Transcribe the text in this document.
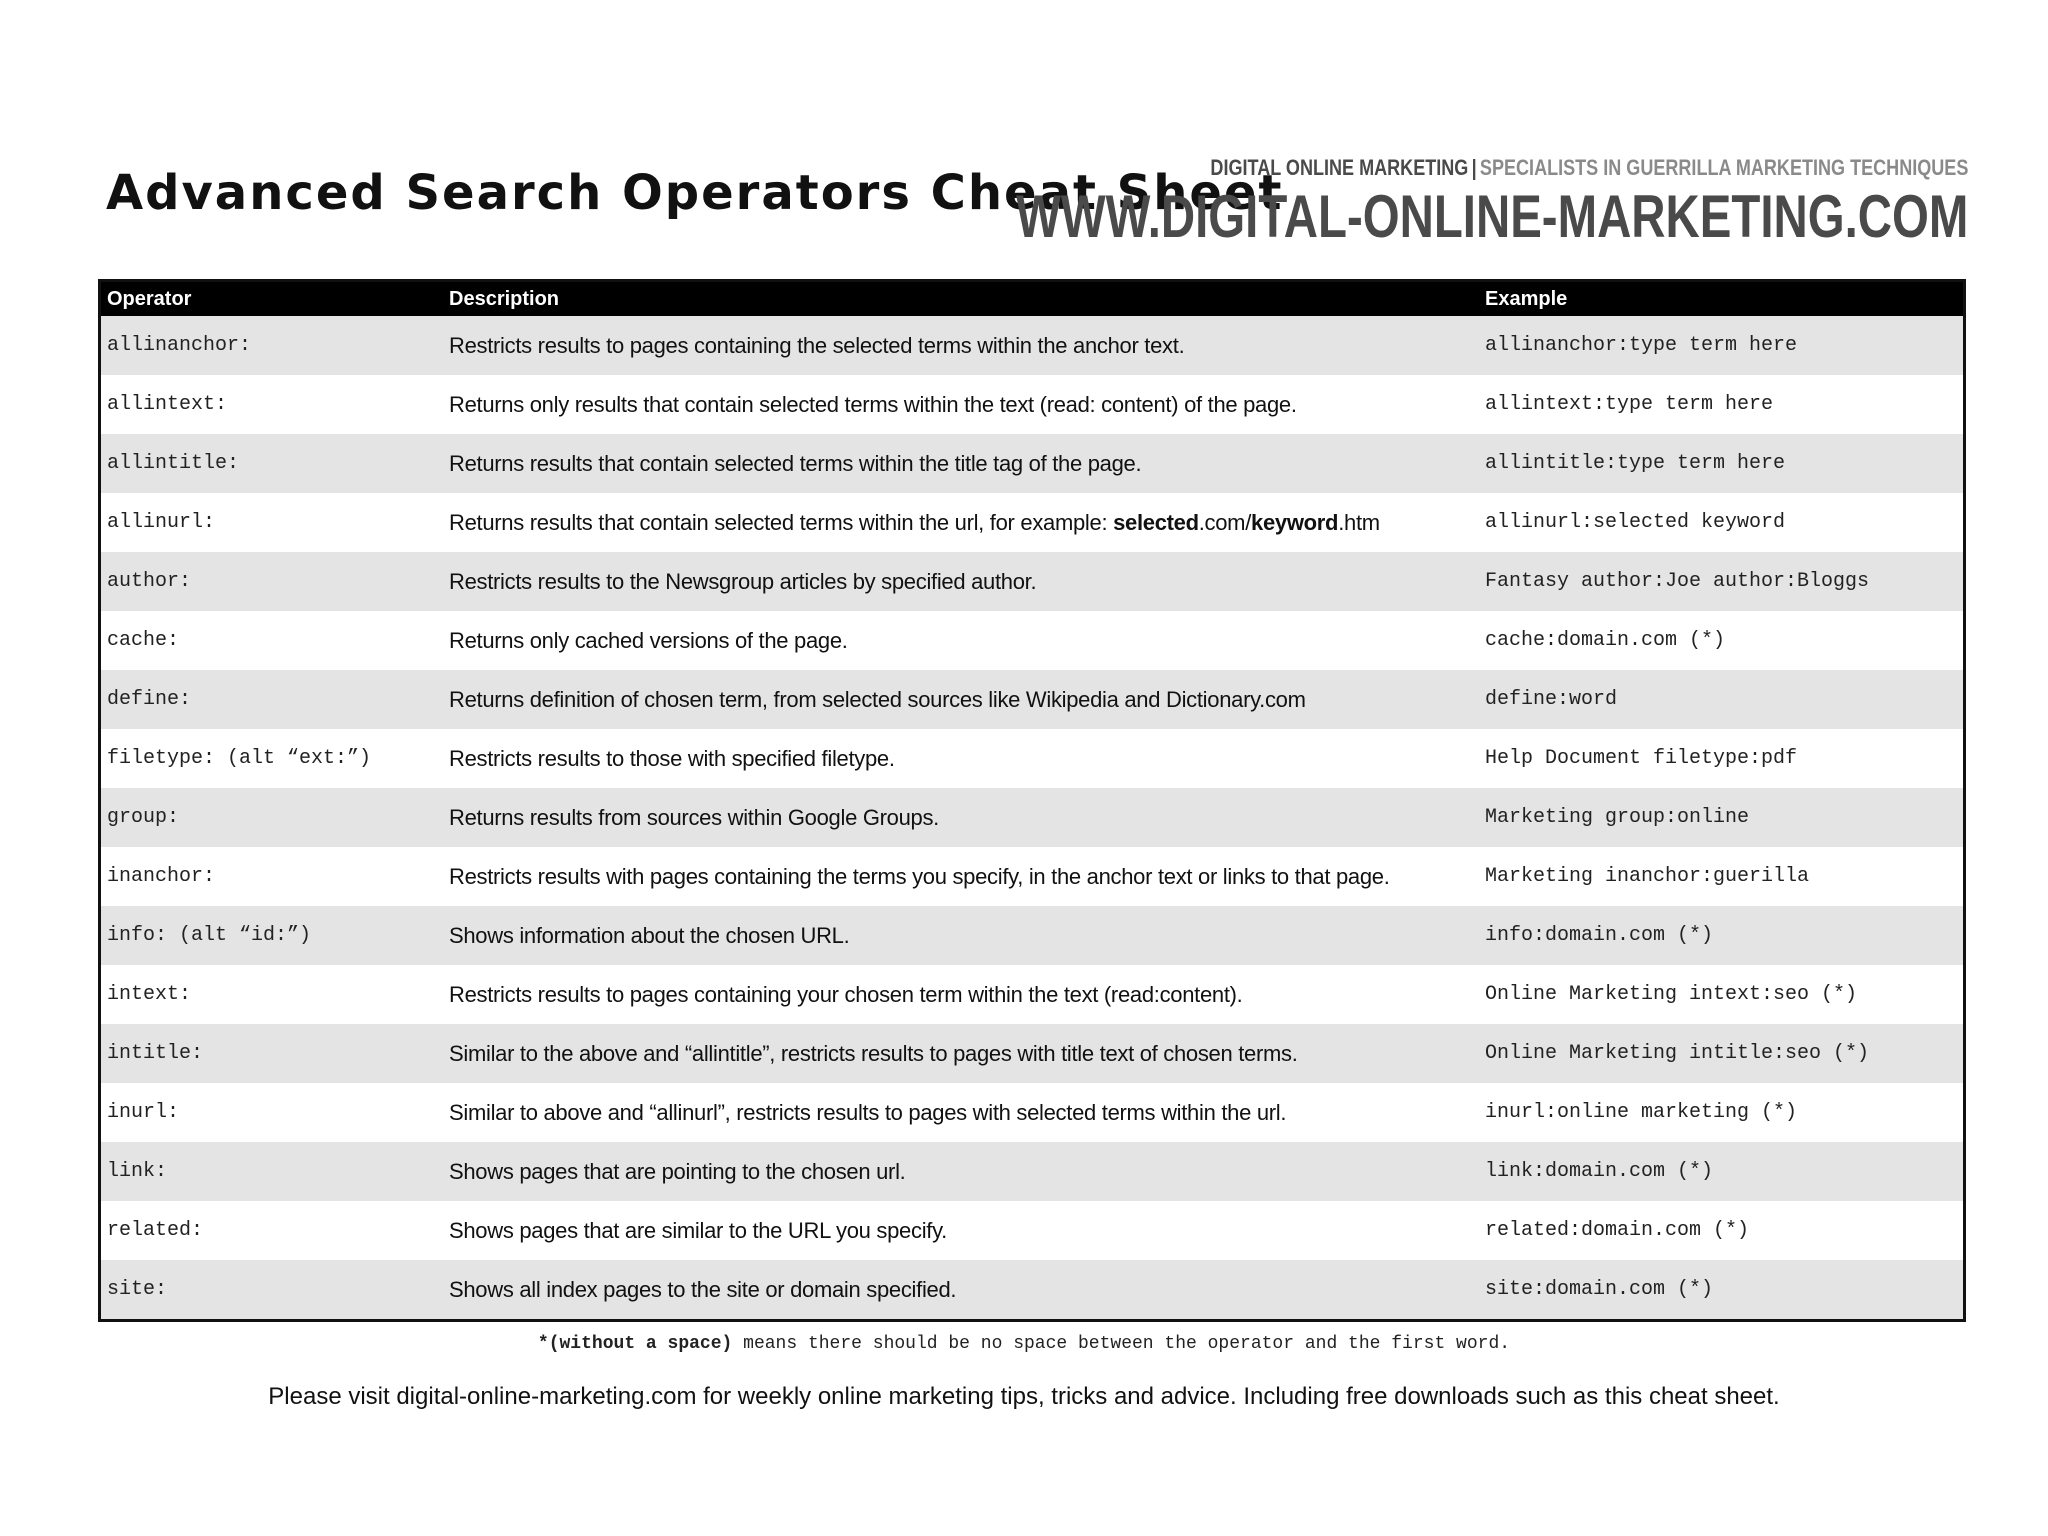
Advanced Search Operators Cheat Sheet
DIGITAL ONLINE MARKETING | SPECIALISTS IN GUERRILLA MARKETING TECHNIQUES
WWW.DIGITAL-ONLINE-MARKETING.COM
Operator	Description	Example
allinanchor:	Restricts results to pages containing the selected terms within the anchor text.	allinanchor:type term here
allintext:	Returns only results that contain selected terms within the text (read: content) of the page.	allintext:type term here
allintitle:	Returns results that contain selected terms within the title tag of the page.	allintitle:type term here
allinurl:	Returns results that contain selected terms within the url, for example: selected.com/keyword.htm	allinurl:selected keyword
author:	Restricts results to the Newsgroup articles by specified author.	Fantasy author:Joe author:Bloggs
cache:	Returns only cached versions of the page.	cache:domain.com (*)
define:	Returns definition of chosen term, from selected sources like Wikipedia and Dictionary.com	define:word
filetype: (alt “ext:”)	Restricts results to those with specified filetype.	Help Document filetype:pdf
group:	Returns results from sources within Google Groups.	Marketing group:online
inanchor:	Restricts results with pages containing the terms you specify, in the anchor text or links to that page.	Marketing inanchor:guerilla
info: (alt “id:”)	Shows information about the chosen URL.	info:domain.com (*)
intext:	Restricts results to pages containing your chosen term within the text (read:content).	Online Marketing intext:seo (*)
intitle:	Similar to the above and “allintitle”, restricts results to pages with title text of chosen terms.	Online Marketing intitle:seo (*)
inurl:	Similar to above and “allinurl”, restricts results to pages with selected terms within the url.	inurl:online marketing (*)
link:	Shows pages that are pointing to the chosen url.	link:domain.com (*)
related:	Shows pages that are similar to the URL you specify.	related:domain.com (*)
site:	Shows all index pages to the site or domain specified.	site:domain.com (*)
*(without a space) means there should be no space between the operator and the first word.
Please visit digital-online-marketing.com for weekly online marketing tips, tricks and advice. Including free downloads such as this cheat sheet.
